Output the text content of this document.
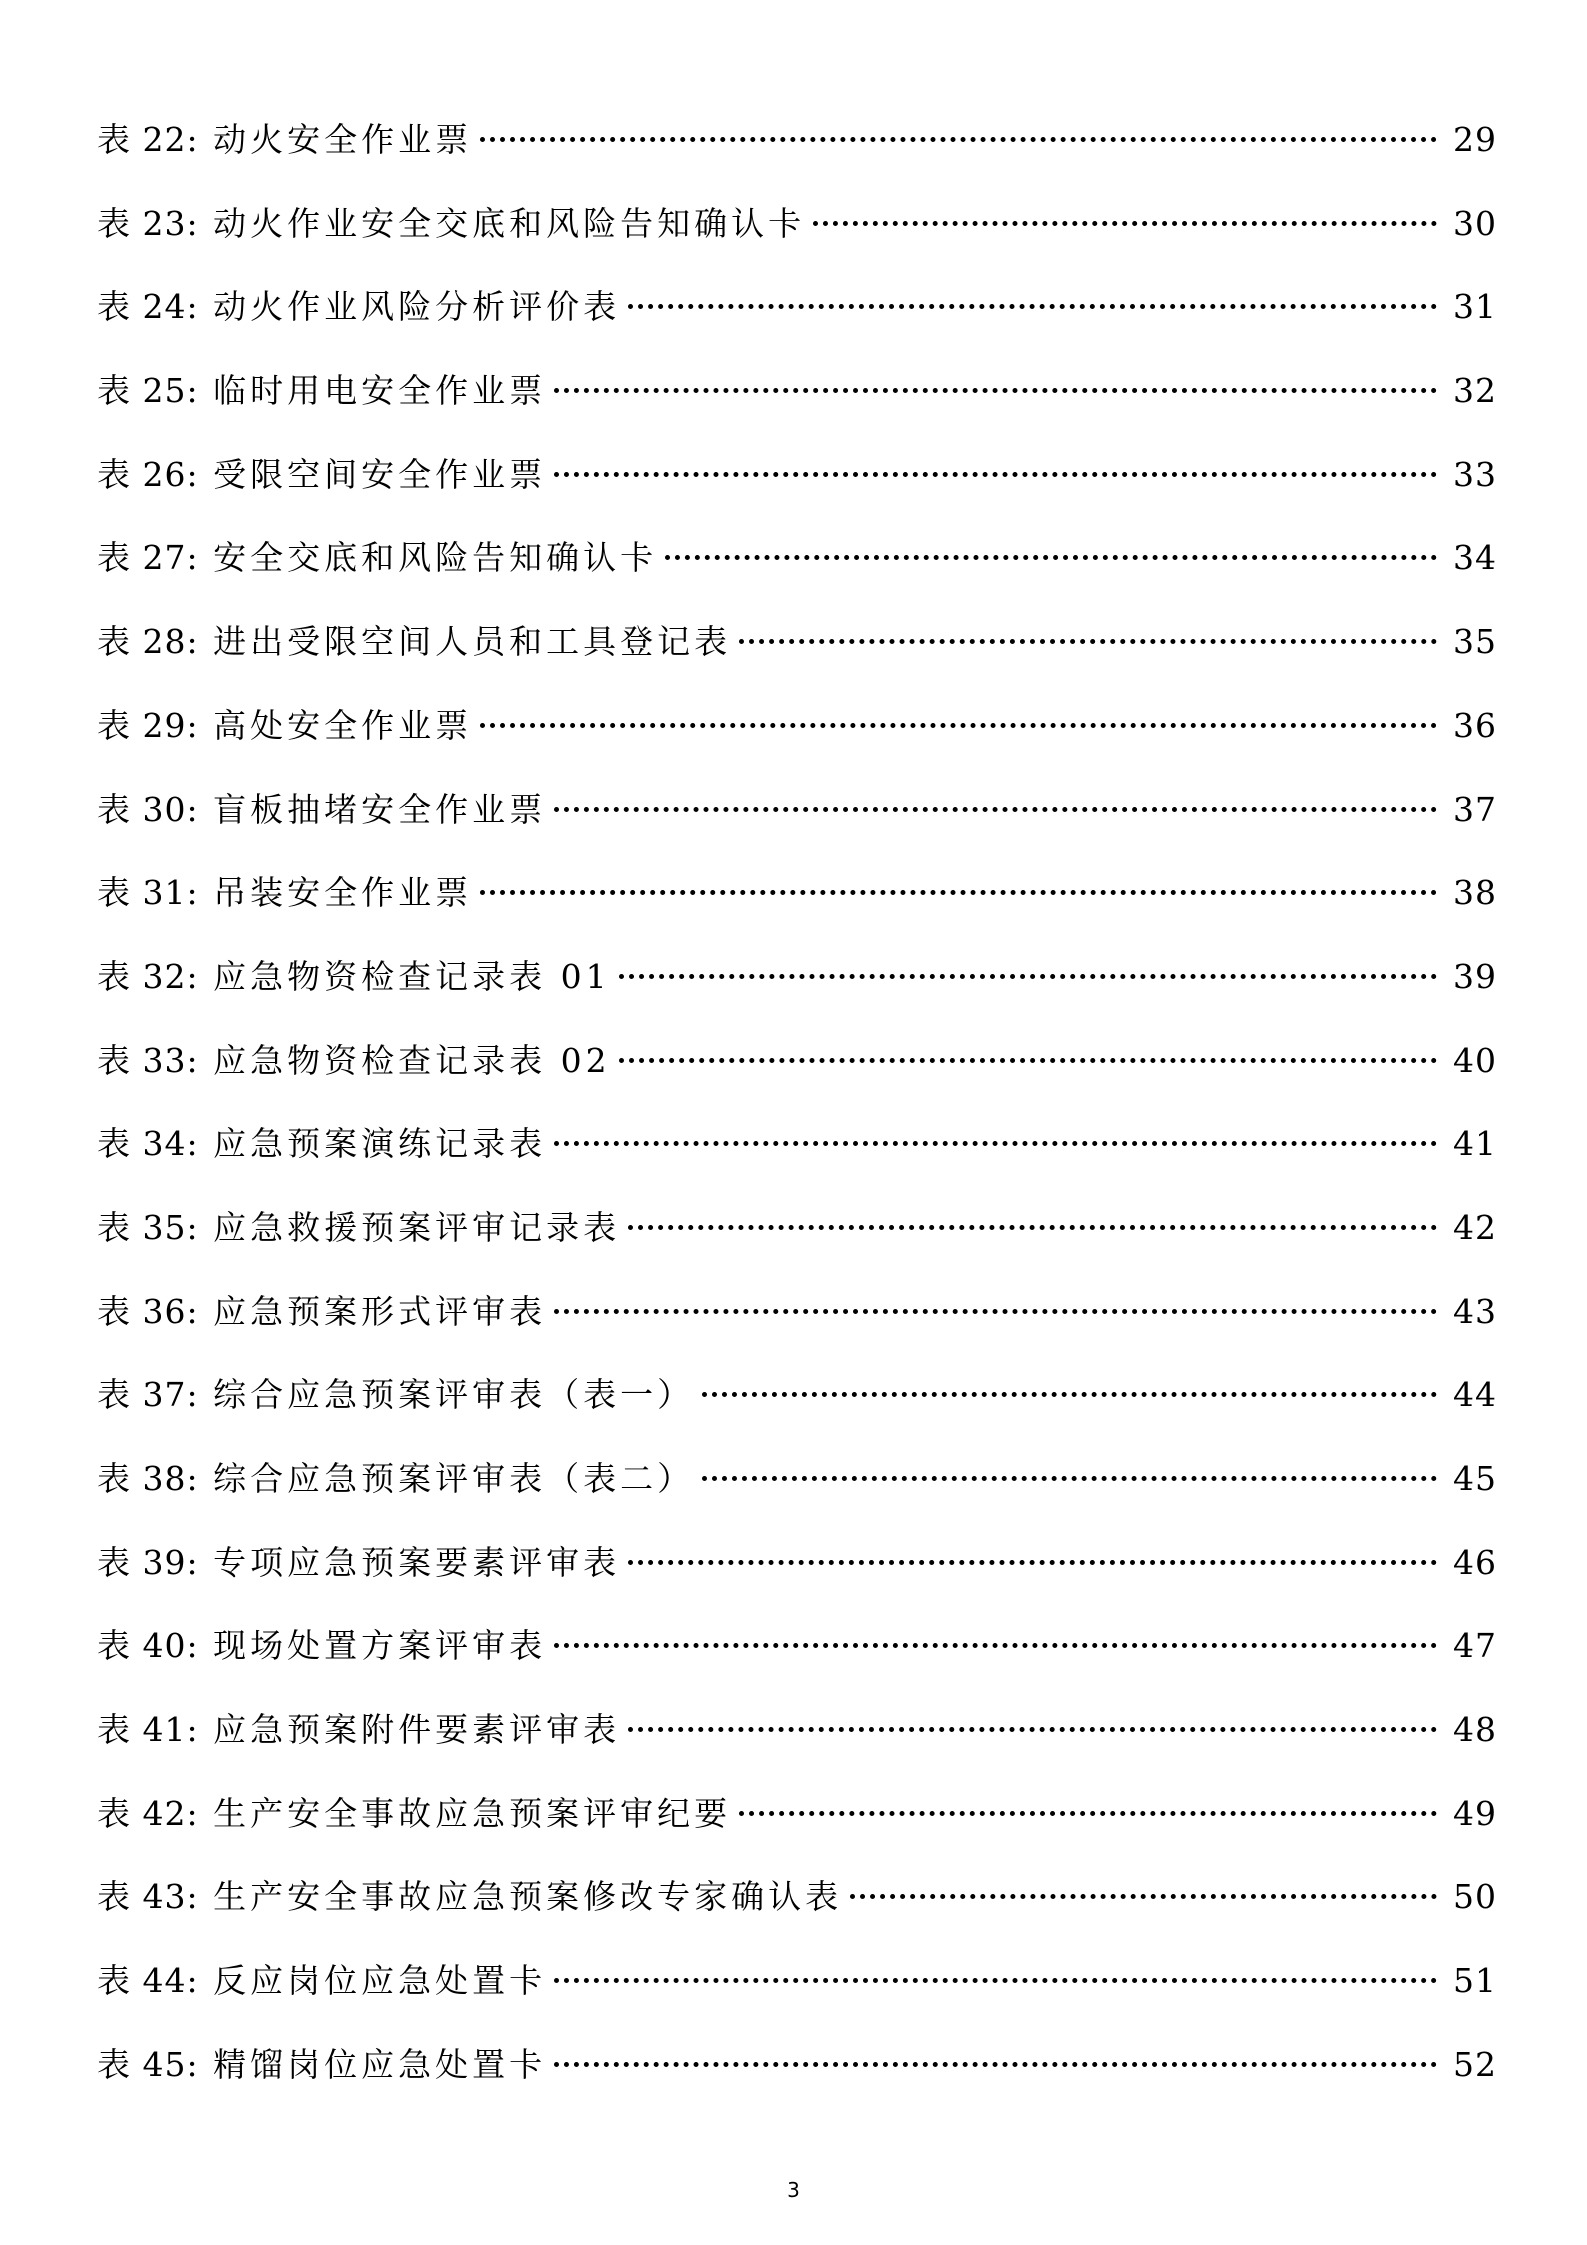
表 22: 动火安全作业票	29
表 23: 动火作业安全交底和风险告知确认卡	30
表 24: 动火作业风险分析评价表	31
表 25: 临时用电安全作业票	32
表 26: 受限空间安全作业票	33
表 27: 安全交底和风险告知确认卡	34
表 28: 进出受限空间人员和工具登记表	35
表 29: 高处安全作业票	36
表 30: 盲板抽堵安全作业票	37
表 31: 吊装安全作业票	38
表 32: 应急物资检查记录表 01	39
表 33: 应急物资检查记录表 02	40
表 34: 应急预案演练记录表	41
表 35: 应急救援预案评审记录表	42
表 36: 应急预案形式评审表	43
表 37: 综合应急预案评审表（表一）	44
表 38: 综合应急预案评审表（表二）	45
表 39: 专项应急预案要素评审表	46
表 40: 现场处置方案评审表	47
表 41: 应急预案附件要素评审表	48
表 42: 生产安全事故应急预案评审纪要	49
表 43: 生产安全事故应急预案修改专家确认表	50
表 44: 反应岗位应急处置卡	51
表 45: 精馏岗位应急处置卡	52
3
